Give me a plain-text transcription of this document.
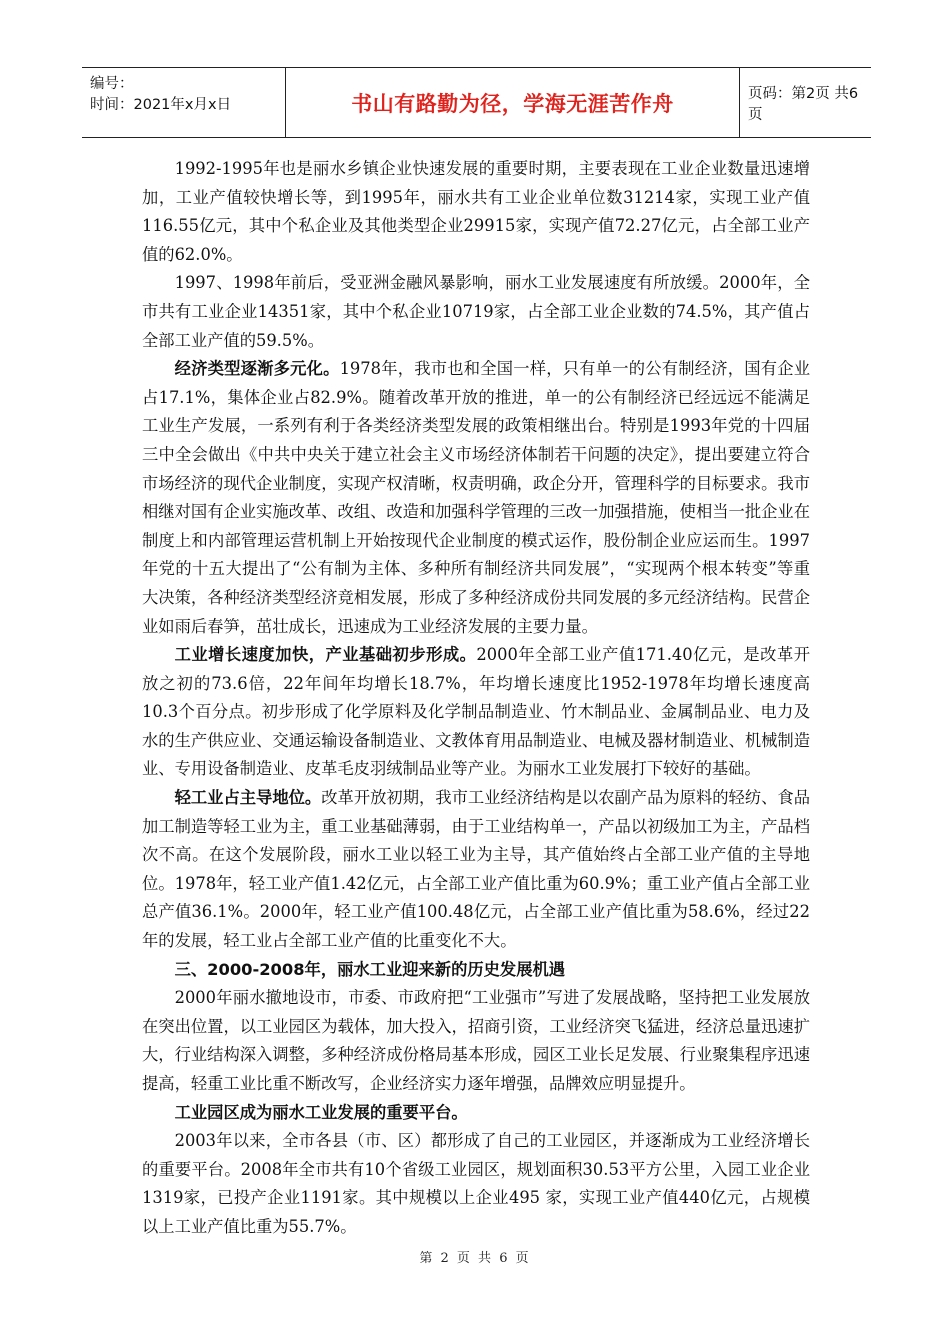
编号：
时间：2021年x月x日	书山有路勤为径，学海无涯苦作舟	页码：第2页 共6页

1992-1995年也是丽水乡镇企业快速发展的重要时期，主要表现在工业企业数量迅速增加，工业产值较快增长等，到1995年，丽水共有工业企业单位数31214家，实现工业产值116.55亿元，其中个私企业及其他类型企业29915家，实现产值72.27亿元，占全部工业产值的62.0%。

1997、1998年前后，受亚洲金融风暴影响，丽水工业发展速度有所放缓。2000年，全市共有工业企业14351家，其中个私企业10719家，占全部工业企业数的74.5%，其产值占全部工业产值的59.5%。

经济类型逐渐多元化。1978年，我市也和全国一样，只有单一的公有制经济，国有企业占17.1%，集体企业占82.9%。随着改革开放的推进，单一的公有制经济已经远远不能满足工业生产发展，一系列有利于各类经济类型发展的政策相继出台。特别是1993年党的十四届三中全会做出《中共中央关于建立社会主义市场经济体制若干问题的决定》，提出要建立符合市场经济的现代企业制度，实现产权清晰，权责明确，政企分开，管理科学的目标要求。我市相继对国有企业实施改革、改组、改造和加强科学管理的三改一加强措施，使相当一批企业在制度上和内部管理运营机制上开始按现代企业制度的模式运作，股份制企业应运而生。1997年党的十五大提出了“公有制为主体、多种所有制经济共同发展”，“实现两个根本转变”等重大决策，各种经济类型经济竞相发展，形成了多种经济成份共同发展的多元经济结构。民营企业如雨后春笋，茁壮成长，迅速成为工业经济发展的主要力量。

工业增长速度加快，产业基础初步形成。2000年全部工业产值171.40亿元，是改革开放之初的73.6倍，22年间年均增长18.7%，年均增长速度比1952-1978年均增长速度高10.3个百分点。初步形成了化学原料及化学制品制造业、竹木制品业、金属制品业、电力及水的生产供应业、交通运输设备制造业、文教体育用品制造业、电械及器材制造业、机械制造业、专用设备制造业、皮革毛皮羽绒制品业等产业。为丽水工业发展打下较好的基础。

轻工业占主导地位。改革开放初期，我市工业经济结构是以农副产品为原料的轻纺、食品加工制造等轻工业为主，重工业基础薄弱，由于工业结构单一，产品以初级加工为主，产品档次不高。在这个发展阶段，丽水工业以轻工业为主导，其产值始终占全部工业产值的主导地位。1978年，轻工业产值1.42亿元，占全部工业产值比重为60.9%；重工业产值占全部工业总产值36.1%。2000年，轻工业产值100.48亿元，占全部工业产值比重为58.6%，经过22年的发展，轻工业占全部工业产值的比重变化不大。

三、2000-2008年，丽水工业迎来新的历史发展机遇

2000年丽水撤地设市，市委、市政府把“工业强市”写进了发展战略，坚持把工业发展放在突出位置，以工业园区为载体，加大投入，招商引资，工业经济突飞猛进，经济总量迅速扩大，行业结构深入调整，多种经济成份格局基本形成，园区工业长足发展、行业聚集程序迅速提高，轻重工业比重不断改写，企业经济实力逐年增强，品牌效应明显提升。

工业园区成为丽水工业发展的重要平台。

2003年以来，全市各县（市、区）都形成了自己的工业园区，并逐渐成为工业经济增长的重要平台。2008年全市共有10个省级工业园区，规划面积30.53平方公里，入园工业企业1319家，已投产企业1191家。其中规模以上企业495 家，实现工业产值440亿元，占规模以上工业产值比重为55.7%。

第 2 页 共 6 页
